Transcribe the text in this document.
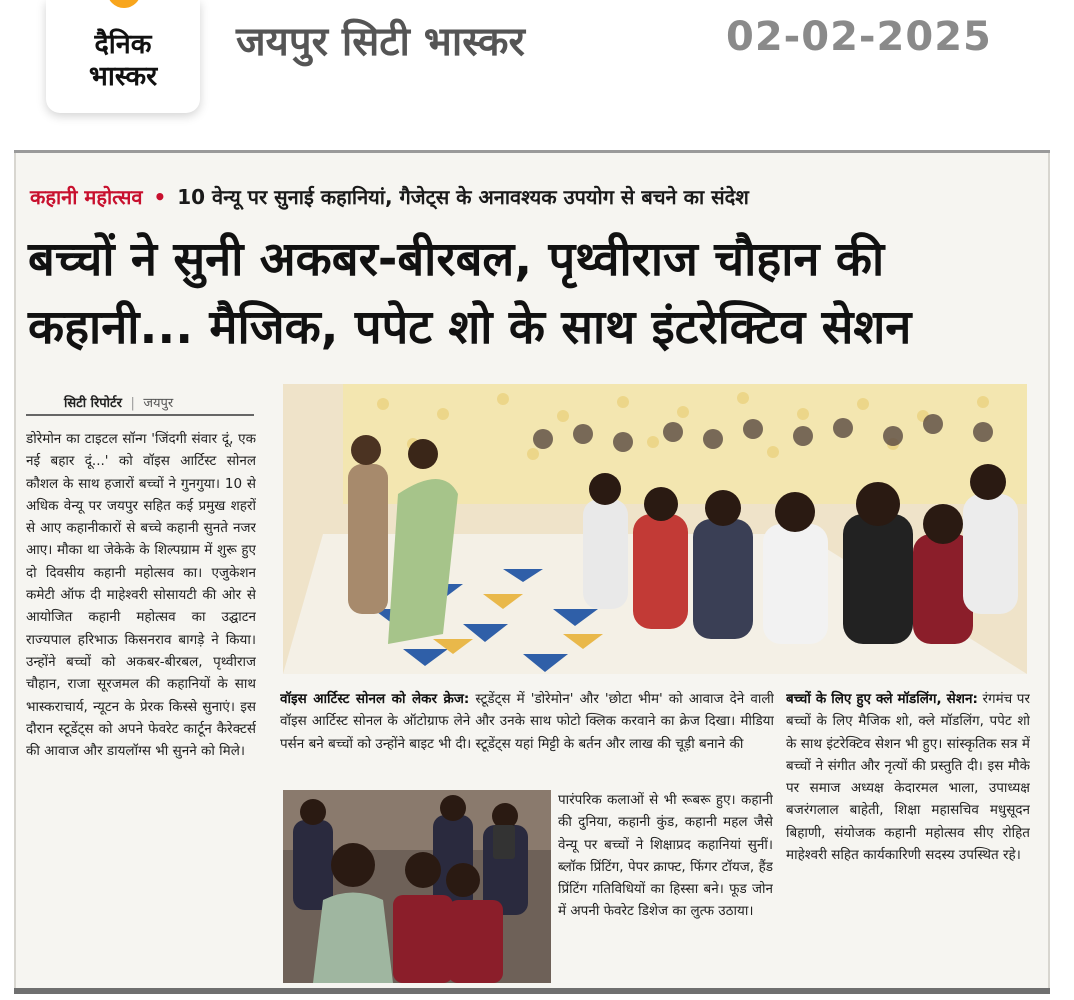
दैनिक
भास्कर
जयपुर सिटी भास्कर	02-02-2025
कहानी महोत्सव • 10 वेन्यू पर सुनाई कहानियां, गैजेट्स के अनावश्यक उपयोग से बचने का संदेश
बच्चों ने सुनी अकबर-बीरबल, पृथ्वीराज चौहान की कहानी... मैजिक, पपेट शो के साथ इंटरेक्टिव सेशन
सिटी रिपोर्टर | जयपुर
डोरेमोन का टाइटल सॉन्ग 'जिंदगी संवार दूं, एक नई बहार दूं...' को वॉइस आर्टिस्ट सोनल कौशल के साथ हजारों बच्चों ने गुनगुया। 10 से अधिक वेन्यू पर जयपुर सहित कई प्रमुख शहरों से आए कहानीकारों से बच्चे कहानी सुनते नजर आए। मौका था जेकेके के शिल्पग्राम में शुरू हुए दो दिवसीय कहानी महोत्सव का। एजुकेशन कमेटी ऑफ दी माहेश्वरी सोसायटी की ओर से आयोजित कहानी महोत्सव का उद्घाटन राज्यपाल हरिभाऊ किसनराव बागड़े ने किया। उन्होंने बच्चों को अकबर-बीरबल, पृथ्वीराज चौहान, राजा सूरजमल की कहानियों के साथ भास्कराचार्य, न्यूटन के प्रेरक किस्से सुनाएं। इस दौरान स्टूडेंट्स को अपने फेवरेट कार्टून कैरेक्टर्स की आवाज और डायलॉग्स भी सुनने को मिले।
वॉइस आर्टिस्ट सोनल को लेकर क्रेज: स्टूडेंट्स में 'डोरेमोन' और 'छोटा भीम' को आवाज देने वाली वॉइस आर्टिस्ट सोनल के ऑटोग्राफ लेने और उनके साथ फोटो क्लिक करवाने का क्रेज दिखा। मीडिया पर्सन बने बच्चों को उन्होंने बाइट भी दी। स्टूडेंट्स यहां मिट्टी के बर्तन और लाख की चूड़ी बनाने की
पारंपरिक कलाओं से भी रूबरू हुए। कहानी की दुनिया, कहानी कुंड, कहानी महल जैसे वेन्यू पर बच्चों ने शिक्षाप्रद कहानियां सुनीं। ब्लॉक प्रिंटिंग, पेपर क्राफ्ट, फिंगर टॉयज, हैंड प्रिंटिंग गतिविधियों का हिस्सा बने। फूड जोन में अपनी फेवरेट डिशेज का लुत्फ उठाया।
बच्चों के लिए हुए क्ले मॉडलिंग, सेशन: रंगमंच पर बच्चों के लिए मैजिक शो, क्ले मॉडलिंग, पपेट शो के साथ इंटरेक्टिव सेशन भी हुए। सांस्कृतिक सत्र में बच्चों ने संगीत और नृत्यों की प्रस्तुति दी। इस मौके पर समाज अध्यक्ष केदारमल भाला, उपाध्यक्ष बजरंगलाल बाहेती, शिक्षा महासचिव मधुसूदन बिहाणी, संयोजक कहानी महोत्सव सीए रोहित माहेश्वरी सहित कार्यकारिणी सदस्य उपस्थित रहे।
